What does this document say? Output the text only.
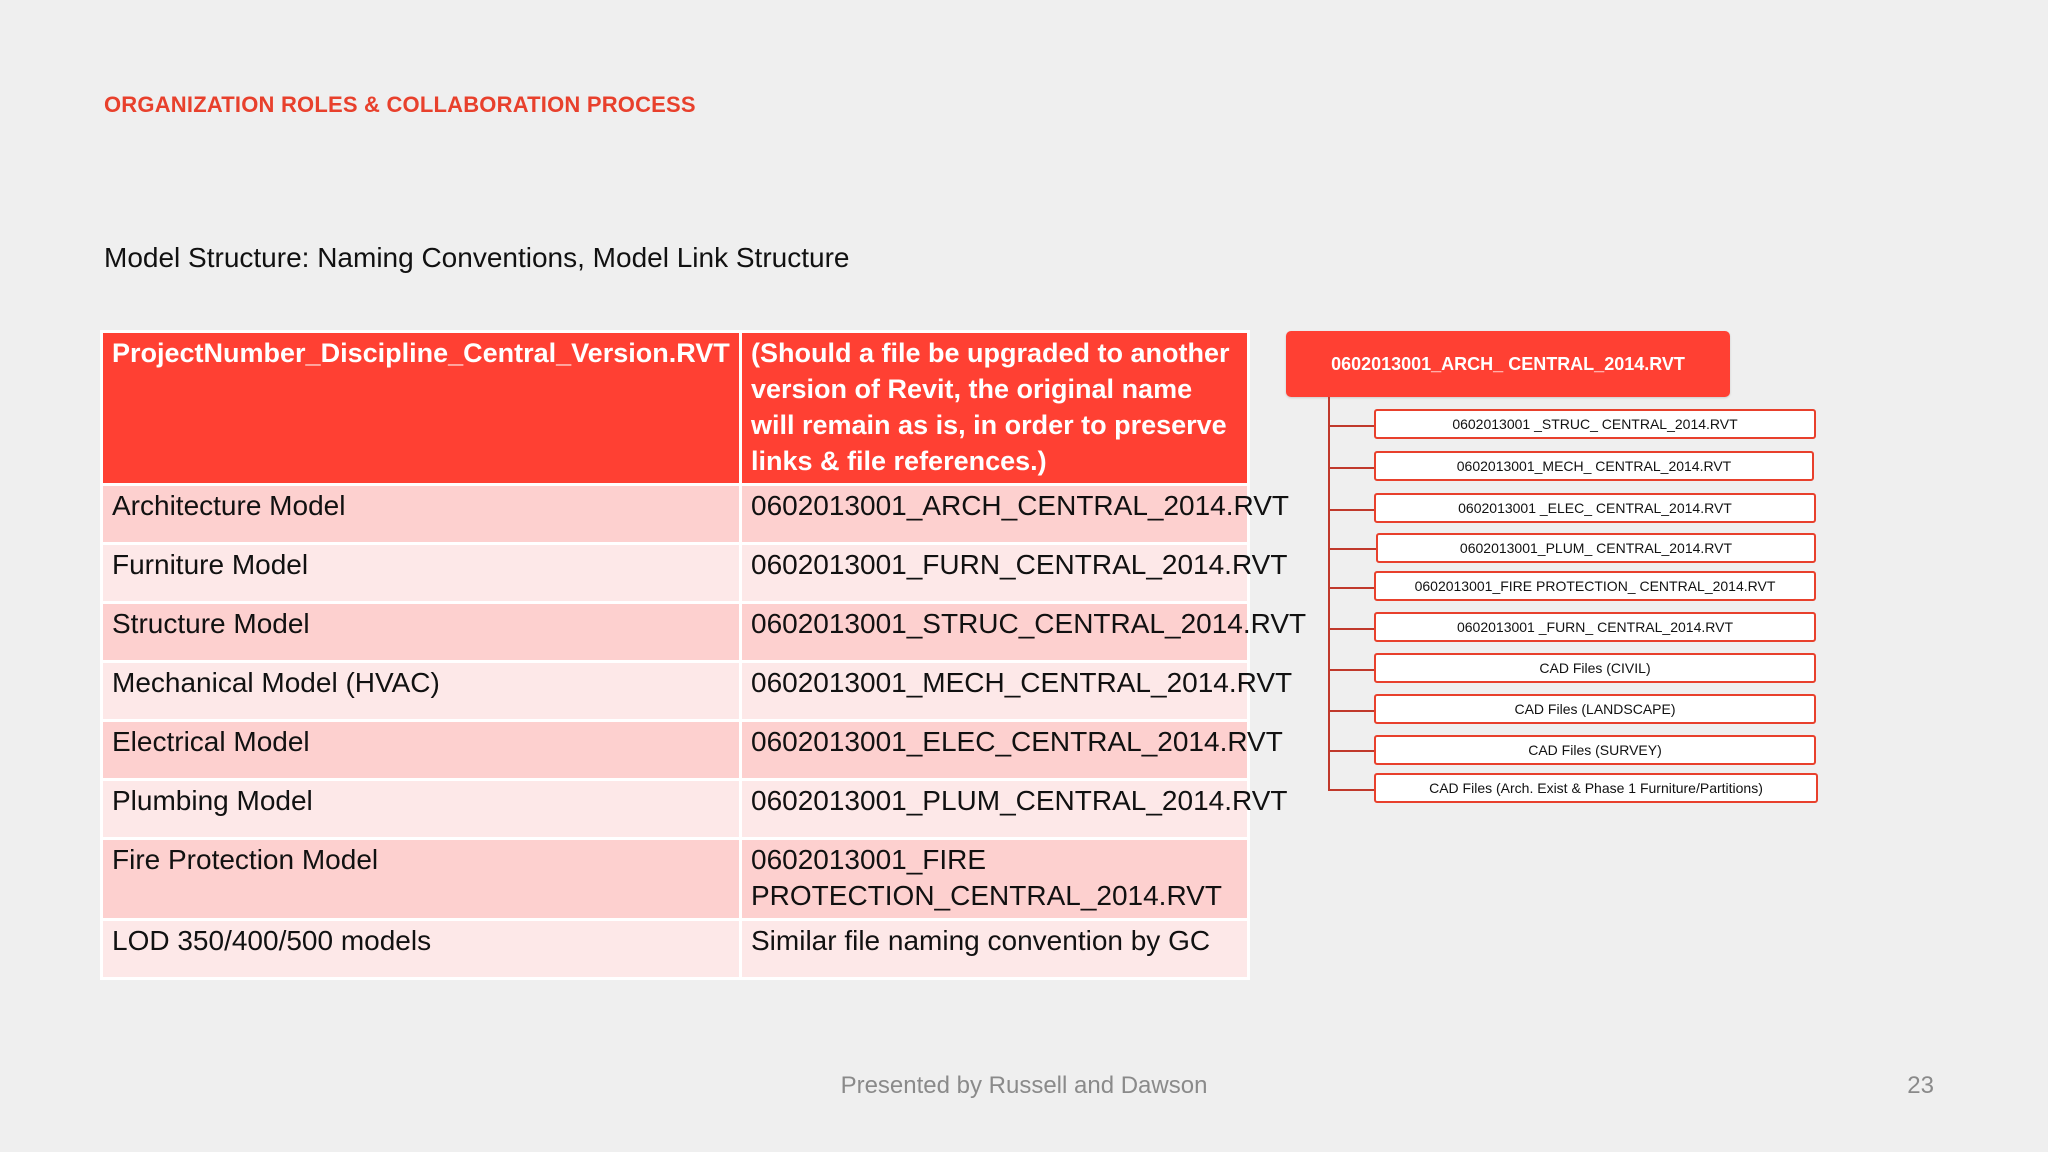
ORGANIZATION ROLES & COLLABORATION PROCESS
Model Structure: Naming Conventions, Model Link Structure
ProjectNumber_Discipline_Central_Version.RVT	(Should a file be upgraded to another version of Revit, the original name will remain as is, in order to preserve links & file references.)
Architecture Model	0602013001_ARCH_CENTRAL_2014.RVT
Furniture Model	0602013001_FURN_CENTRAL_2014.RVT
Structure Model	0602013001_STRUC_CENTRAL_2014.RVT
Mechanical Model (HVAC)	0602013001_MECH_CENTRAL_2014.RVT
Electrical Model	0602013001_ELEC_CENTRAL_2014.RVT
Plumbing Model	0602013001_PLUM_CENTRAL_2014.RVT
Fire Protection Model	0602013001_FIRE PROTECTION_CENTRAL_2014.RVT
LOD 350/400/500 models	Similar file naming convention by GC
0602013001_ARCH_ CENTRAL_2014.RVT
0602013001 _STRUC_ CENTRAL_2014.RVT
0602013001_MECH_ CENTRAL_2014.RVT
0602013001 _ELEC_ CENTRAL_2014.RVT
0602013001_PLUM_ CENTRAL_2014.RVT
0602013001_FIRE PROTECTION_ CENTRAL_2014.RVT
0602013001 _FURN_ CENTRAL_2014.RVT
CAD Files (CIVIL)
CAD Files (LANDSCAPE)
CAD Files (SURVEY)
CAD Files (Arch. Exist & Phase 1 Furniture/Partitions)
Presented by Russell and Dawson	23
